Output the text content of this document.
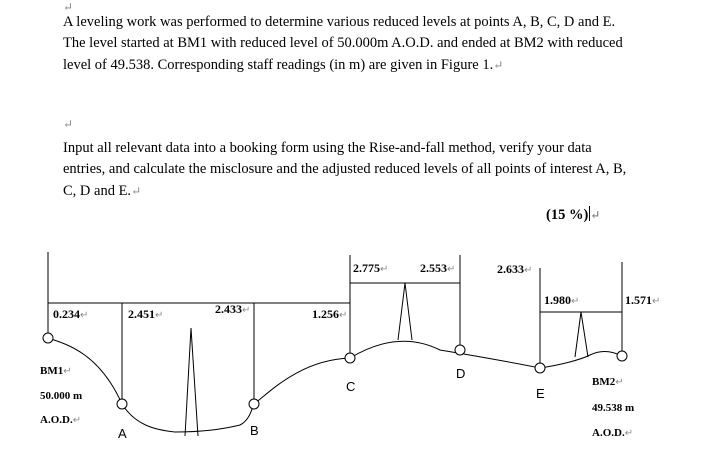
↵

A leveling work was performed to determine various reduced levels at points A, B, C, D and E. The level started at BM1 with reduced level of 50.000m A.O.D. and ended at BM2 with reduced level of 49.538. Corresponding staff readings (in m) are given in Figure 1.↵

↵

Input all relevant data into a booking form using the Rise-and-fall method, verify your data entries, and calculate the misclosure and the adjusted reduced levels of all points of interest A, B, C, D and E.↵

(15 %) ↵
0.234↵	2.451↵	2.433↵	1.256↵
2.775↵	2.553↵	2.633↵
1.980↵	1.571↵
A	B
C
D
E
BM1↵
50.000 m
A.O.D.↵
BM2↵
49.538 m
A.O.D.↵
